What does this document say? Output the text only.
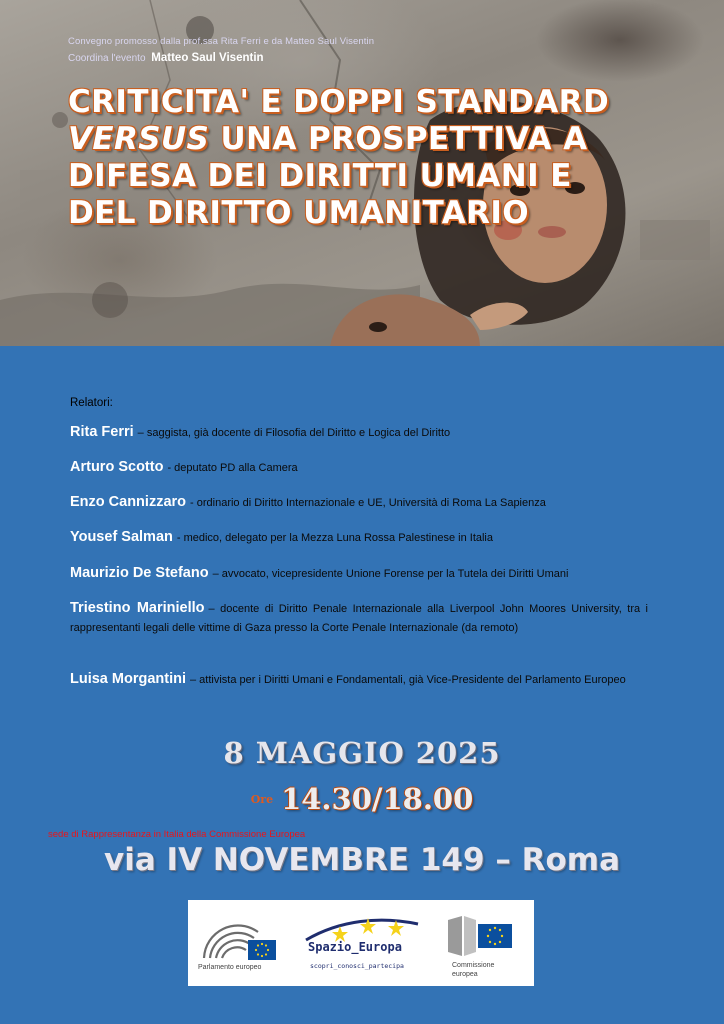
Convegno promosso dalla prof.ssa Rita Ferri e da Matteo Saul Visentin
Coordina l'evento Matteo Saul Visentin
CRITICITA' E DOPPI STANDARD
VERSUS UNA PROSPETTIVA A
DIFESA DEI DIRITTI UMANI E
DEL DIRITTO UMANITARIO
Relatori:

Rita Ferri – saggista, già docente di Filosofia del Diritto e Logica del Diritto

Arturo Scotto - deputato PD alla Camera

Enzo Cannizzaro - ordinario di Diritto Internazionale e UE, Università di Roma La Sapienza

Yousef Salman - medico, delegato per la Mezza Luna Rossa Palestinese in Italia

Maurizio De Stefano – avvocato, vicepresidente Unione Forense per la Tutela dei Diritti Umani

Triestino Mariniello – docente di Diritto Penale Internazionale alla Liverpool John Moores University, tra i rappresentanti legali delle vittime di Gaza presso la Corte Penale Internazionale (da remoto)

Luisa Morgantini – attivista per i Diritti Umani e Fondamentali, già Vice-Presidente del Parlamento Europeo

8 MAGGIO 2025
Ore 14.30/18.00
sede di Rappresentanza in Italia della Commissione Europea
via IV NOVEMBRE 149 – Roma
Parlamento europeo
Spazio_Europa
scopri_conosci_partecipa	Commissione
europea
